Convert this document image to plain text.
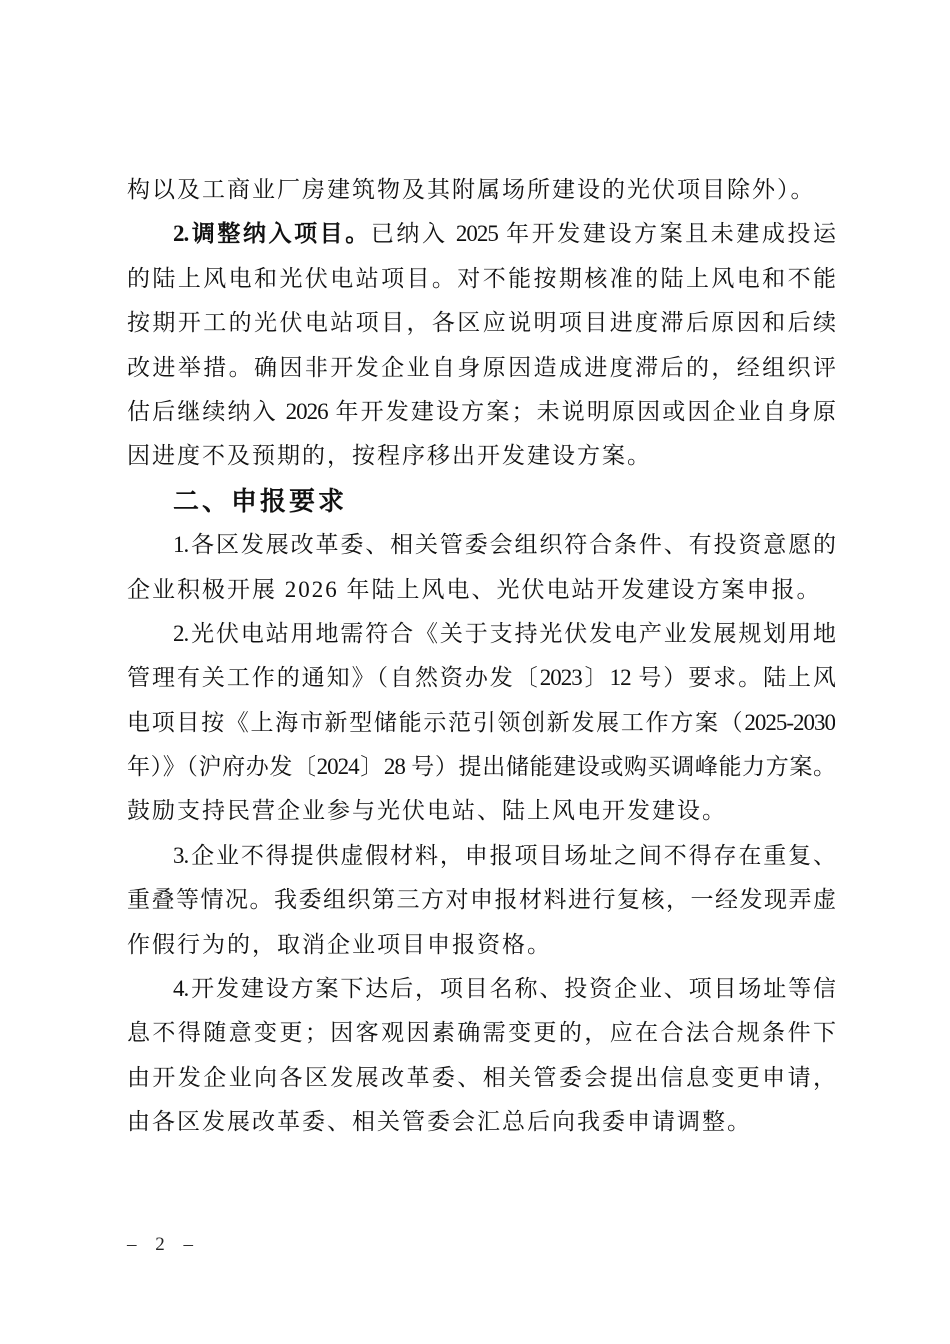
构以及工商业厂房建筑物及其附属场所建设的光伏项目除外）。
2.调整纳入项目。已纳入 2025 年开发建设方案且未建成投运
的陆上风电和光伏电站项目。对不能按期核准的陆上风电和不能
按期开工的光伏电站项目，各区应说明项目进度滞后原因和后续
改进举措。确因非开发企业自身原因造成进度滞后的，经组织评
估后继续纳入 2026 年开发建设方案；未说明原因或因企业自身原
因进度不及预期的，按程序移出开发建设方案。
二、申报要求
1.各区发展改革委、相关管委会组织符合条件、有投资意愿的
企业积极开展 2026 年陆上风电、光伏电站开发建设方案申报。
2.光伏电站用地需符合《关于支持光伏发电产业发展规划用地
管理有关工作的通知》（自然资办发〔2023〕12 号）要求。陆上风
电项目按《上海市新型储能示范引领创新发展工作方案（2025-2030
年）》（沪府办发〔2024〕28 号）提出储能建设或购买调峰能力方案。
鼓励支持民营企业参与光伏电站、陆上风电开发建设。
3.企业不得提供虚假材料，申报项目场址之间不得存在重复、
重叠等情况。我委组织第三方对申报材料进行复核，一经发现弄虚
作假行为的，取消企业项目申报资格。
4.开发建设方案下达后，项目名称、投资企业、项目场址等信
息不得随意变更；因客观因素确需变更的，应在合法合规条件下
由开发企业向各区发展改革委、相关管委会提出信息变更申请，
由各区发展改革委、相关管委会汇总后向我委申请调整。
– 2 –
